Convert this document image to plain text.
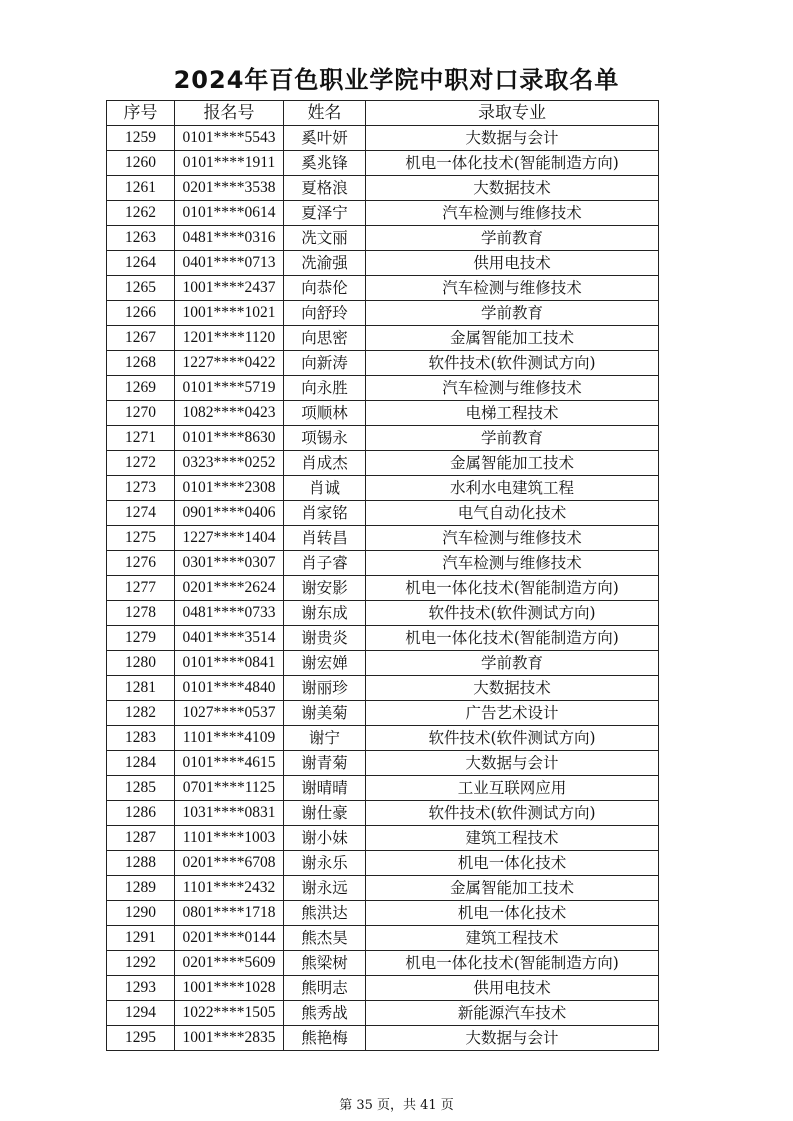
2024年百色职业学院中职对口录取名单
序号	报名号	姓名	录取专业
1259	0101****5543	奚叶妍	大数据与会计
1260	0101****1911	奚兆锋	机电一体化技术(智能制造方向)
1261	0201****3538	夏格浪	大数据技术
1262	0101****0614	夏泽宁	汽车检测与维修技术
1263	0481****0316	冼文丽	学前教育
1264	0401****0713	冼渝强	供用电技术
1265	1001****2437	向恭伦	汽车检测与维修技术
1266	1001****1021	向舒玲	学前教育
1267	1201****1120	向思密	金属智能加工技术
1268	1227****0422	向新涛	软件技术(软件测试方向)
1269	0101****5719	向永胜	汽车检测与维修技术
1270	1082****0423	项顺林	电梯工程技术
1271	0101****8630	项锡永	学前教育
1272	0323****0252	肖成杰	金属智能加工技术
1273	0101****2308	肖诚	水利水电建筑工程
1274	0901****0406	肖家铭	电气自动化技术
1275	1227****1404	肖转昌	汽车检测与维修技术
1276	0301****0307	肖子睿	汽车检测与维修技术
1277	0201****2624	谢安影	机电一体化技术(智能制造方向)
1278	0481****0733	谢东成	软件技术(软件测试方向)
1279	0401****3514	谢贵炎	机电一体化技术(智能制造方向)
1280	0101****0841	谢宏婵	学前教育
1281	0101****4840	谢丽珍	大数据技术
1282	1027****0537	谢美菊	广告艺术设计
1283	1101****4109	谢宁	软件技术(软件测试方向)
1284	0101****4615	谢青菊	大数据与会计
1285	0701****1125	谢晴晴	工业互联网应用
1286	1031****0831	谢仕豪	软件技术(软件测试方向)
1287	1101****1003	谢小妹	建筑工程技术
1288	0201****6708	谢永乐	机电一体化技术
1289	1101****2432	谢永远	金属智能加工技术
1290	0801****1718	熊洪达	机电一体化技术
1291	0201****0144	熊杰昊	建筑工程技术
1292	0201****5609	熊梁树	机电一体化技术(智能制造方向)
1293	1001****1028	熊明志	供用电技术
1294	1022****1505	熊秀战	新能源汽车技术
1295	1001****2835	熊艳梅	大数据与会计
第 35 页，共 41 页
